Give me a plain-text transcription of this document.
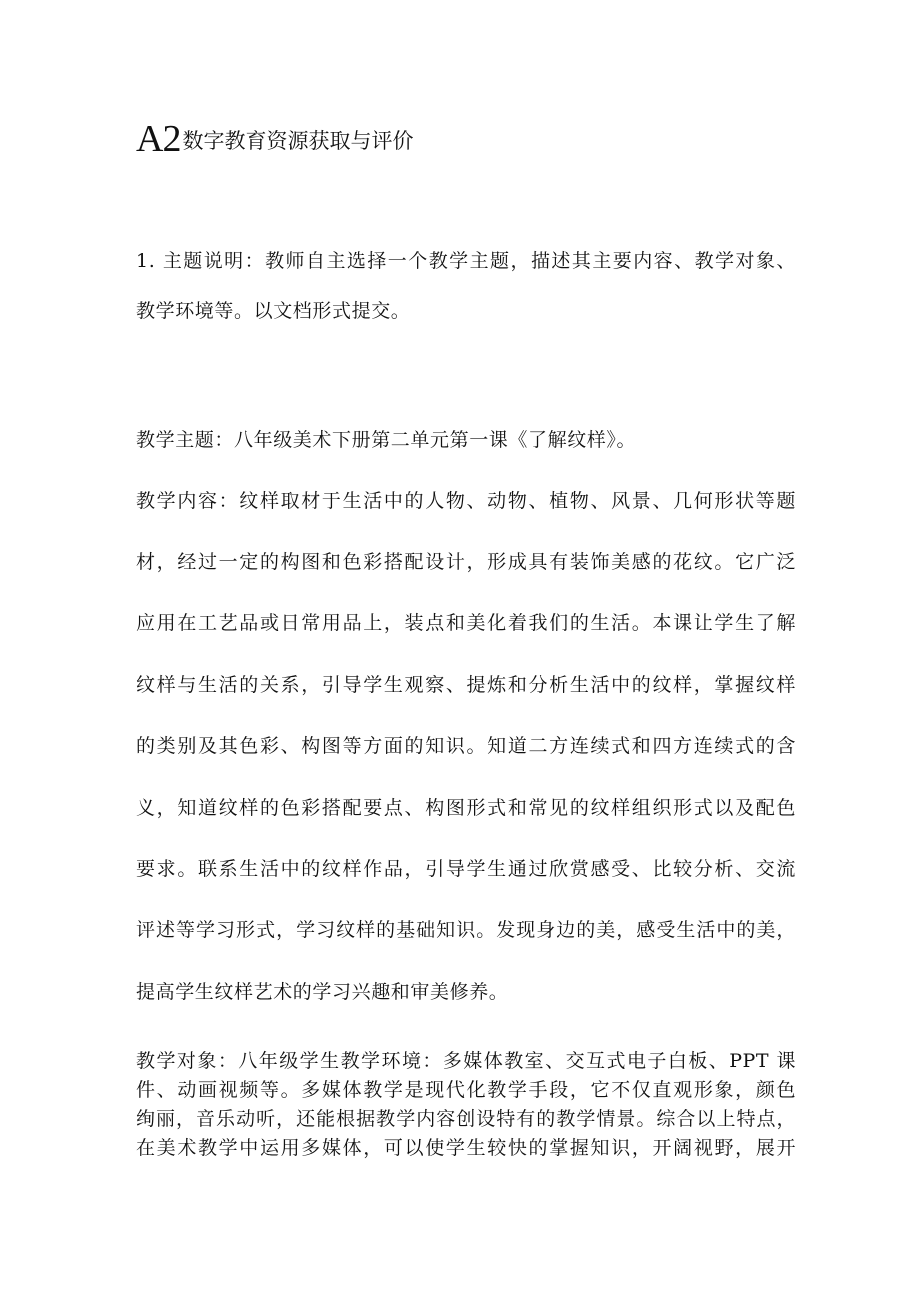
A2数字教育资源获取与评价
1. 主题说明：教师自主选择一个教学主题，描述其主要内容、教学对象、
教学环境等。以文档形式提交。
教学主题：八年级美术下册第二单元第一课《了解纹样》。
教学内容：纹样取材于生活中的人物、动物、植物、风景、几何形状等题
材，经过一定的构图和色彩搭配设计，形成具有装饰美感的花纹。它广泛
应用在工艺品或日常用品上，装点和美化着我们的生活。本课让学生了解
纹样与生活的关系，引导学生观察、提炼和分析生活中的纹样，掌握纹样
的类别及其色彩、构图等方面的知识。知道二方连续式和四方连续式的含
义，知道纹样的色彩搭配要点、构图形式和常见的纹样组织形式以及配色
要求。联系生活中的纹样作品，引导学生通过欣赏感受、比较分析、交流
评述等学习形式，学习纹样的基础知识。发现身边的美，感受生活中的美，
提高学生纹样艺术的学习兴趣和审美修养。
教学对象：八年级学生教学环境：多媒体教室、交互式电子白板、PPT 课
件、动画视频等。多媒体教学是现代化教学手段，它不仅直观形象，颜色
绚丽，音乐动听，还能根据教学内容创设特有的教学情景。综合以上特点，
在美术教学中运用多媒体，可以使学生较快的掌握知识，开阔视野，展开
